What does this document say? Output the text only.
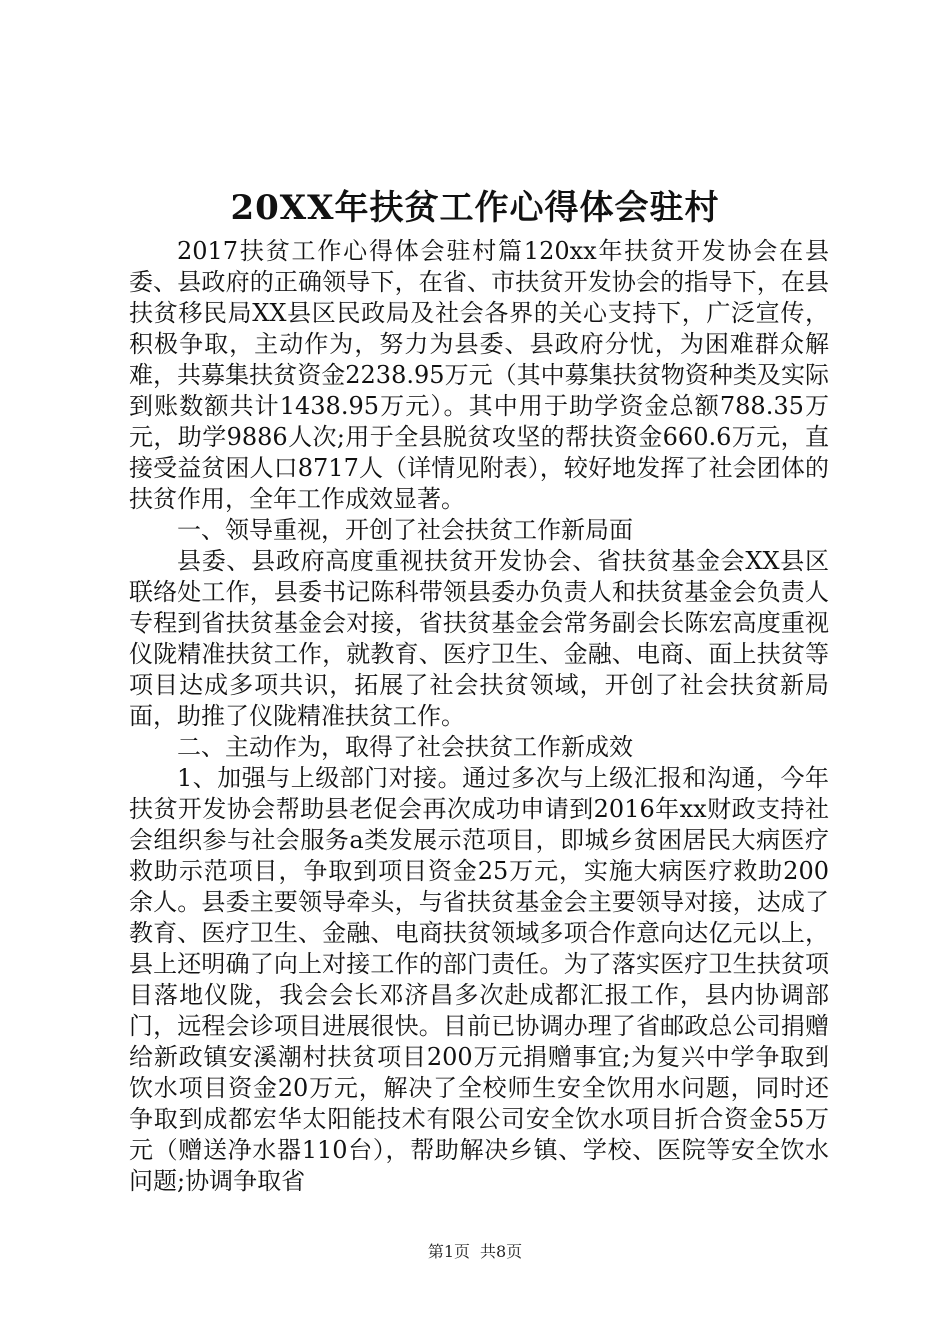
20XX年扶贫工作心得体会驻村

2017扶贫工作心得体会驻村篇120xx年扶贫开发协会在县委、县政府的正确领导下，在省、市扶贫开发协会的指导下，在县扶贫移民局XX县区民政局及社会各界的关心支持下，广泛宣传，积极争取，主动作为，努力为县委、县政府分忧，为困难群众解难，共募集扶贫资金2238.95万元（其中募集扶贫物资种类及实际到账数额共计1438.95万元）。其中用于助学资金总额788.35万元，助学9886人次;用于全县脱贫攻坚的帮扶资金660.6万元，直接受益贫困人口8717人（详情见附表），较好地发挥了社会团体的扶贫作用，全年工作成效显著。

一、领导重视，开创了社会扶贫工作新局面

县委、县政府高度重视扶贫开发协会、省扶贫基金会XX县区联络处工作，县委书记陈科带领县委办负责人和扶贫基金会负责人专程到省扶贫基金会对接，省扶贫基金会常务副会长陈宏高度重视仪陇精准扶贫工作，就教育、医疗卫生、金融、电商、面上扶贫等项目达成多项共识，拓展了社会扶贫领域，开创了社会扶贫新局面，助推了仪陇精准扶贫工作。

二、主动作为，取得了社会扶贫工作新成效

1、加强与上级部门对接。通过多次与上级汇报和沟通，今年扶贫开发协会帮助县老促会再次成功申请到2016年xx财政支持社会组织参与社会服务a类发展示范项目，即城乡贫困居民大病医疗救助示范项目，争取到项目资金25万元，实施大病医疗救助200余人。县委主要领导牵头，与省扶贫基金会主要领导对接，达成了教育、医疗卫生、金融、电商扶贫领域多项合作意向达亿元以上，县上还明确了向上对接工作的部门责任。为了落实医疗卫生扶贫项目落地仪陇，我会会长邓济昌多次赴成都汇报工作，县内协调部门，远程会诊项目进展很快。目前已协调办理了省邮政总公司捐赠给新政镇安溪潮村扶贫项目200万元捐赠事宜;为复兴中学争取到饮水项目资金20万元，解决了全校师生安全饮用水问题，同时还争取到成都宏华太阳能技术有限公司安全饮水项目折合资金55万元（赠送净水器110台），帮助解决乡镇、学校、医院等安全饮水问题;协调争取省

第1页 共8页
